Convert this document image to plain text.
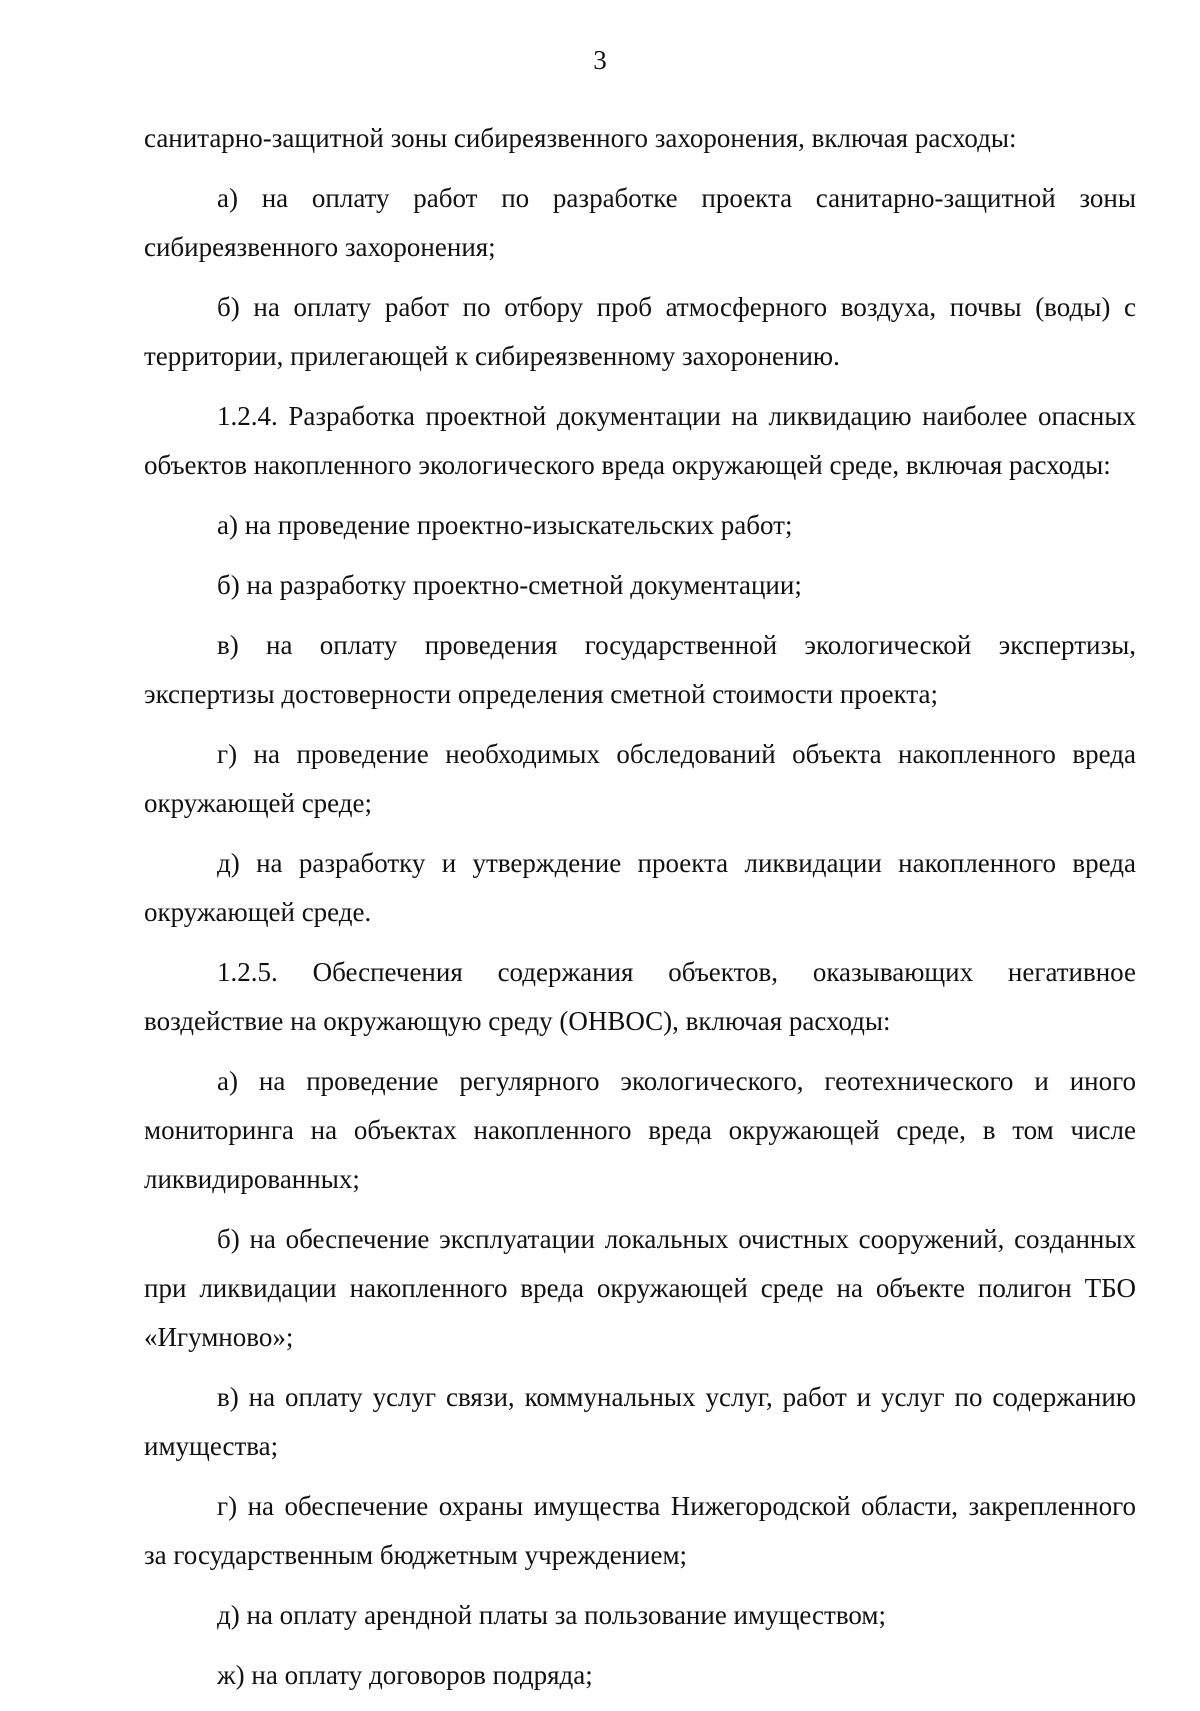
3

санитарно-защитной зоны сибиреязвенного захоронения, включая расходы:

а) на оплату работ по разработке проекта санитарно-защитной зоны сибиреязвенного захоронения;

б) на оплату работ по отбору проб атмосферного воздуха, почвы (воды) с территории, прилегающей к сибиреязвенному захоронению.

1.2.4. Разработка проектной документации на ликвидацию наиболее опасных объектов накопленного экологического вреда окружающей среде, включая расходы:

а) на проведение проектно-изыскательских работ;

б) на разработку проектно-сметной документации;

в) на оплату проведения государственной экологической экспертизы, экспертизы достоверности определения сметной стоимости проекта;

г) на проведение необходимых обследований объекта накопленного вреда окружающей среде;

д) на разработку и утверждение проекта ликвидации накопленного вреда окружающей среде.

1.2.5. Обеспечения содержания объектов, оказывающих негативное воздействие на окружающую среду (ОНВОС), включая расходы:

а) на проведение регулярного экологического, геотехнического и иного мониторинга на объектах накопленного вреда окружающей среде, в том числе ликвидированных;

б) на обеспечение эксплуатации локальных очистных сооружений, созданных при ликвидации накопленного вреда окружающей среде на объекте полигон ТБО «Игумново»;

в) на оплату услуг связи, коммунальных услуг, работ и услуг по содержанию имущества;

г) на обеспечение охраны имущества Нижегородской области, закрепленного за государственным бюджетным учреждением;

д) на оплату арендной платы за пользование имуществом;

ж) на оплату договоров подряда;
